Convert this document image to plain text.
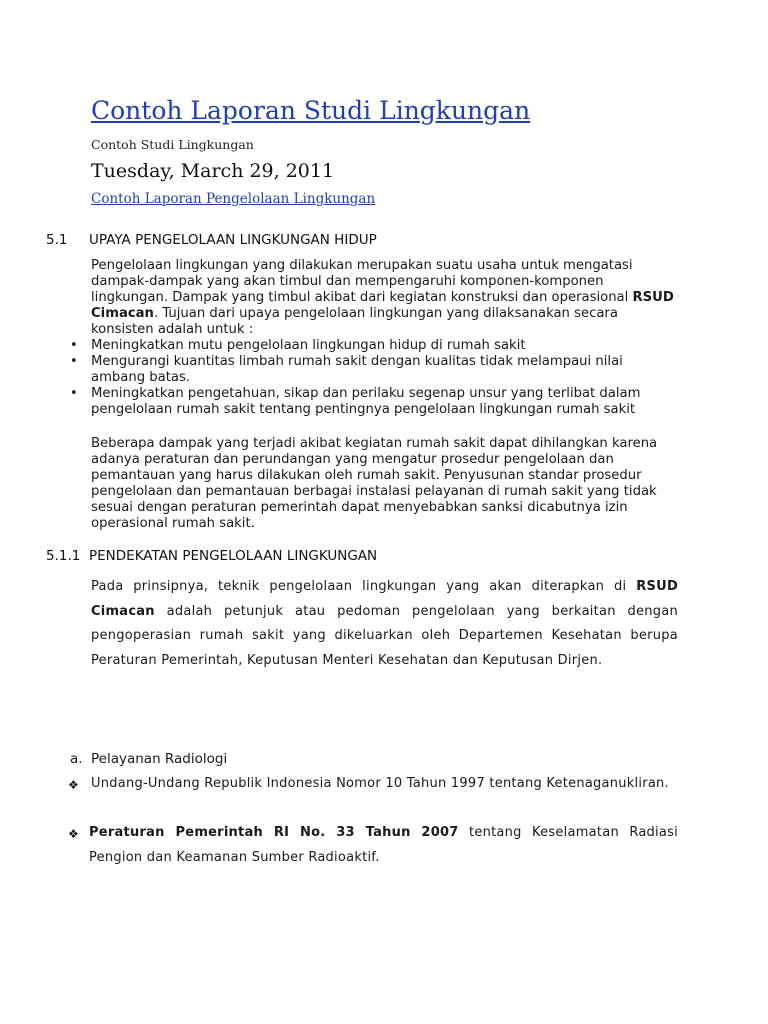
Contoh Laporan Studi Lingkungan
Contoh Studi Lingkungan
Tuesday, March 29, 2011
Contoh Laporan Pengelolaan Lingkungan
5.1 UPAYA PENGELOLAAN LINGKUNGAN HIDUP
Pengelolaan lingkungan yang dilakukan merupakan suatu usaha untuk mengatasi dampak-dampak yang akan timbul dan mempengaruhi komponen-komponen lingkungan. Dampak yang timbul akibat dari kegiatan konstruksi dan operasional RSUD Cimacan. Tujuan dari upaya pengelolaan lingkungan yang dilaksanakan secara konsisten adalah untuk :
• Meningkatkan mutu pengelolaan lingkungan hidup di rumah sakit
• Mengurangi kuantitas limbah rumah sakit dengan kualitas tidak melampaui nilai ambang batas.
• Meningkatkan pengetahuan, sikap dan perilaku segenap unsur yang terlibat dalam pengelolaan rumah sakit tentang pentingnya pengelolaan lingkungan rumah sakit
Beberapa dampak yang terjadi akibat kegiatan rumah sakit dapat dihilangkan karena adanya peraturan dan perundangan yang mengatur prosedur pengelolaan dan pemantauan yang harus dilakukan oleh rumah sakit. Penyusunan standar prosedur pengelolaan dan pemantauan berbagai instalasi pelayanan di rumah sakit yang tidak sesuai dengan peraturan pemerintah dapat menyebabkan sanksi dicabutnya izin operasional rumah sakit.
5.1.1 PENDEKATAN PENGELOLAAN LINGKUNGAN
Pada prinsipnya, teknik pengelolaan lingkungan yang akan diterapkan di RSUD Cimacan adalah petunjuk atau pedoman pengelolaan yang berkaitan dengan pengoperasian rumah sakit yang dikeluarkan oleh Departemen Kesehatan berupa Peraturan Pemerintah, Keputusan Menteri Kesehatan dan Keputusan Dirjen.
a. Pelayanan Radiologi
❖ Undang-Undang Republik Indonesia Nomor 10 Tahun 1997 tentang Ketenaganukliran.
❖ Peraturan Pemerintah RI No. 33 Tahun 2007 tentang Keselamatan Radiasi Pengion dan Keamanan Sumber Radioaktif.
